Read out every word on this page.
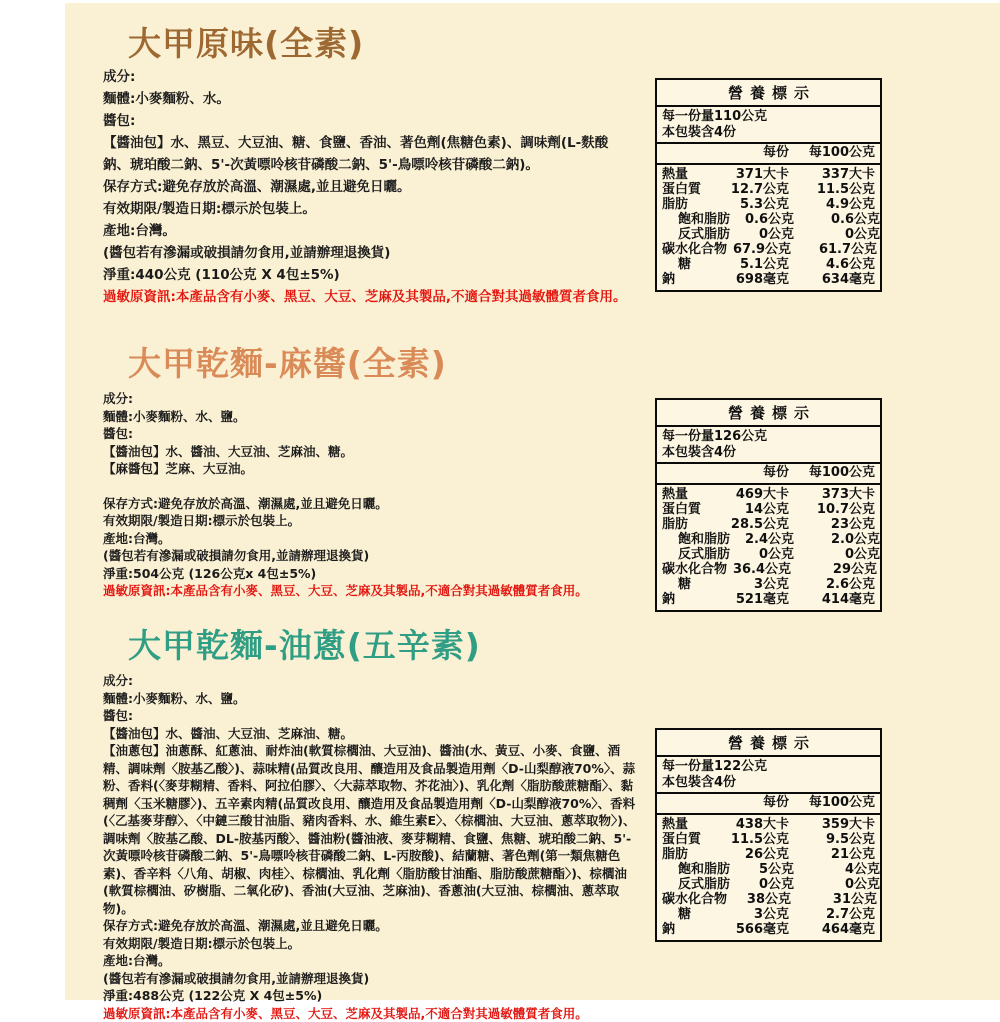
大甲原味(全素)
成分:
麵體:小麥麵粉、水。
醬包:
【醬油包】水、黑豆、大豆油、糖、食鹽、香油、著色劑(焦糖色素)、調味劑(L-麩酸鈉、琥珀酸二鈉、5'-次黃嘌呤核苷磷酸二鈉、5'-鳥嘌呤核苷磷酸二鈉)。
保存方式:避免存放於高溫、潮濕處,並且避免日曬。
有效期限/製造日期:標示於包裝上。
產地:台灣。
(醬包若有滲漏或破損請勿食用,並請辦理退換貨)
淨重:440公克 (110公克 X 4包±5%)
過敏原資訊:本產品含有小麥、黑豆、大豆、芝麻及其製品,不適合對其過敏體質者食用。
營養標示
每一份量110公克
本包裝含4份
每份	每100公克
熱量	371大卡	337大卡
蛋白質	12.7公克	11.5公克
脂肪	5.3公克	4.9公克
飽和脂肪	0.6公克	0.6公克
反式脂肪	0公克	0公克
碳水化合物 67.9公克	61.7公克
糖	5.1公克	4.6公克
鈉	698毫克	634毫克
大甲乾麵-麻醬(全素)
成分:
麵體:小麥麵粉、水、鹽。
醬包:
【醬油包】水、醬油、大豆油、芝麻油、糖。
【麻醬包】芝麻、大豆油。
保存方式:避免存放於高溫、潮濕處,並且避免日曬。
有效期限/製造日期:標示於包裝上。
產地:台灣。
(醬包若有滲漏或破損請勿食用,並請辦理退換貨)
淨重:504公克 (126公克x 4包±5%)
過敏原資訊:本產品含有小麥、黑豆、大豆、芝麻及其製品,不適合對其過敏體質者食用。
營養標示
每一份量126公克
本包裝含4份
每份	每100公克
熱量	469大卡	373大卡
蛋白質	14公克	10.7公克
脂肪	28.5公克	23公克
飽和脂肪	2.4公克	2.0公克
反式脂肪	0公克	0公克
碳水化合物 36.4公克	29公克
糖	3公克	2.6公克
鈉	521毫克	414毫克
大甲乾麵-油蔥(五辛素)
成分:
麵體:小麥麵粉、水、鹽。
醬包:
【醬油包】水、醬油、大豆油、芝麻油、糖。
【油蔥包】油蔥酥、紅蔥油、耐炸油(軟質棕櫚油、大豆油)、醬油(水、黃豆、小麥、食鹽、酒精、調味劑〈胺基乙酸〉)、蒜味精(品質改良用、釀造用及食品製造用劑〈D-山梨醇液70%〉、蒜粉、香料(〈麥芽糊精、香料、阿拉伯膠〉、〈大蒜萃取物、芥花油〉)、乳化劑〈脂肪酸蔗糖酯〉、黏稠劑〈玉米糖膠〉)、五辛素肉精(品質改良用、釀造用及食品製造用劑〈D-山梨醇液70%〉、香料(〈乙基麥芽醇〉、〈中鏈三酸甘油脂、豬肉香料、水、維生素E〉、〈棕櫚油、大豆油、蔥萃取物〉)、調味劑〈胺基乙酸、DL-胺基丙酸〉、醬油粉(醬油液、麥芽糊精、食鹽、焦糖、琥珀酸二鈉、5'-次黃嘌呤核苷磷酸二鈉、5'-鳥嘌呤核苷磷酸二鈉、L-丙胺酸)、結蘭糖、著色劑(第一類焦糖色素)、香辛料〈八角、胡椒、肉桂〉、棕櫚油、乳化劑〈脂肪酸甘油酯、脂肪酸蔗糖酯〉)、棕櫚油(軟質棕櫚油、矽樹脂、二氧化矽)、香油(大豆油、芝麻油)、香蔥油(大豆油、棕櫚油、蔥萃取物)。
保存方式:避免存放於高溫、潮濕處,並且避免日曬。
有效期限/製造日期:標示於包裝上。
產地:台灣。
(醬包若有滲漏或破損請勿食用,並請辦理退換貨)
淨重:488公克 (122公克 X 4包±5%)
過敏原資訊:本產品含有小麥、黑豆、大豆、芝麻及其製品,不適合對其過敏體質者食用。
營養標示
每一份量122公克
本包裝含4份
每份	每100公克
熱量	438大卡	359大卡
蛋白質	11.5公克	9.5公克
脂肪	26公克	21公克
飽和脂肪	5公克	4公克
反式脂肪	0公克	0公克
碳水化合物	38公克	31公克
糖	3公克	2.7公克
鈉	566毫克	464毫克
